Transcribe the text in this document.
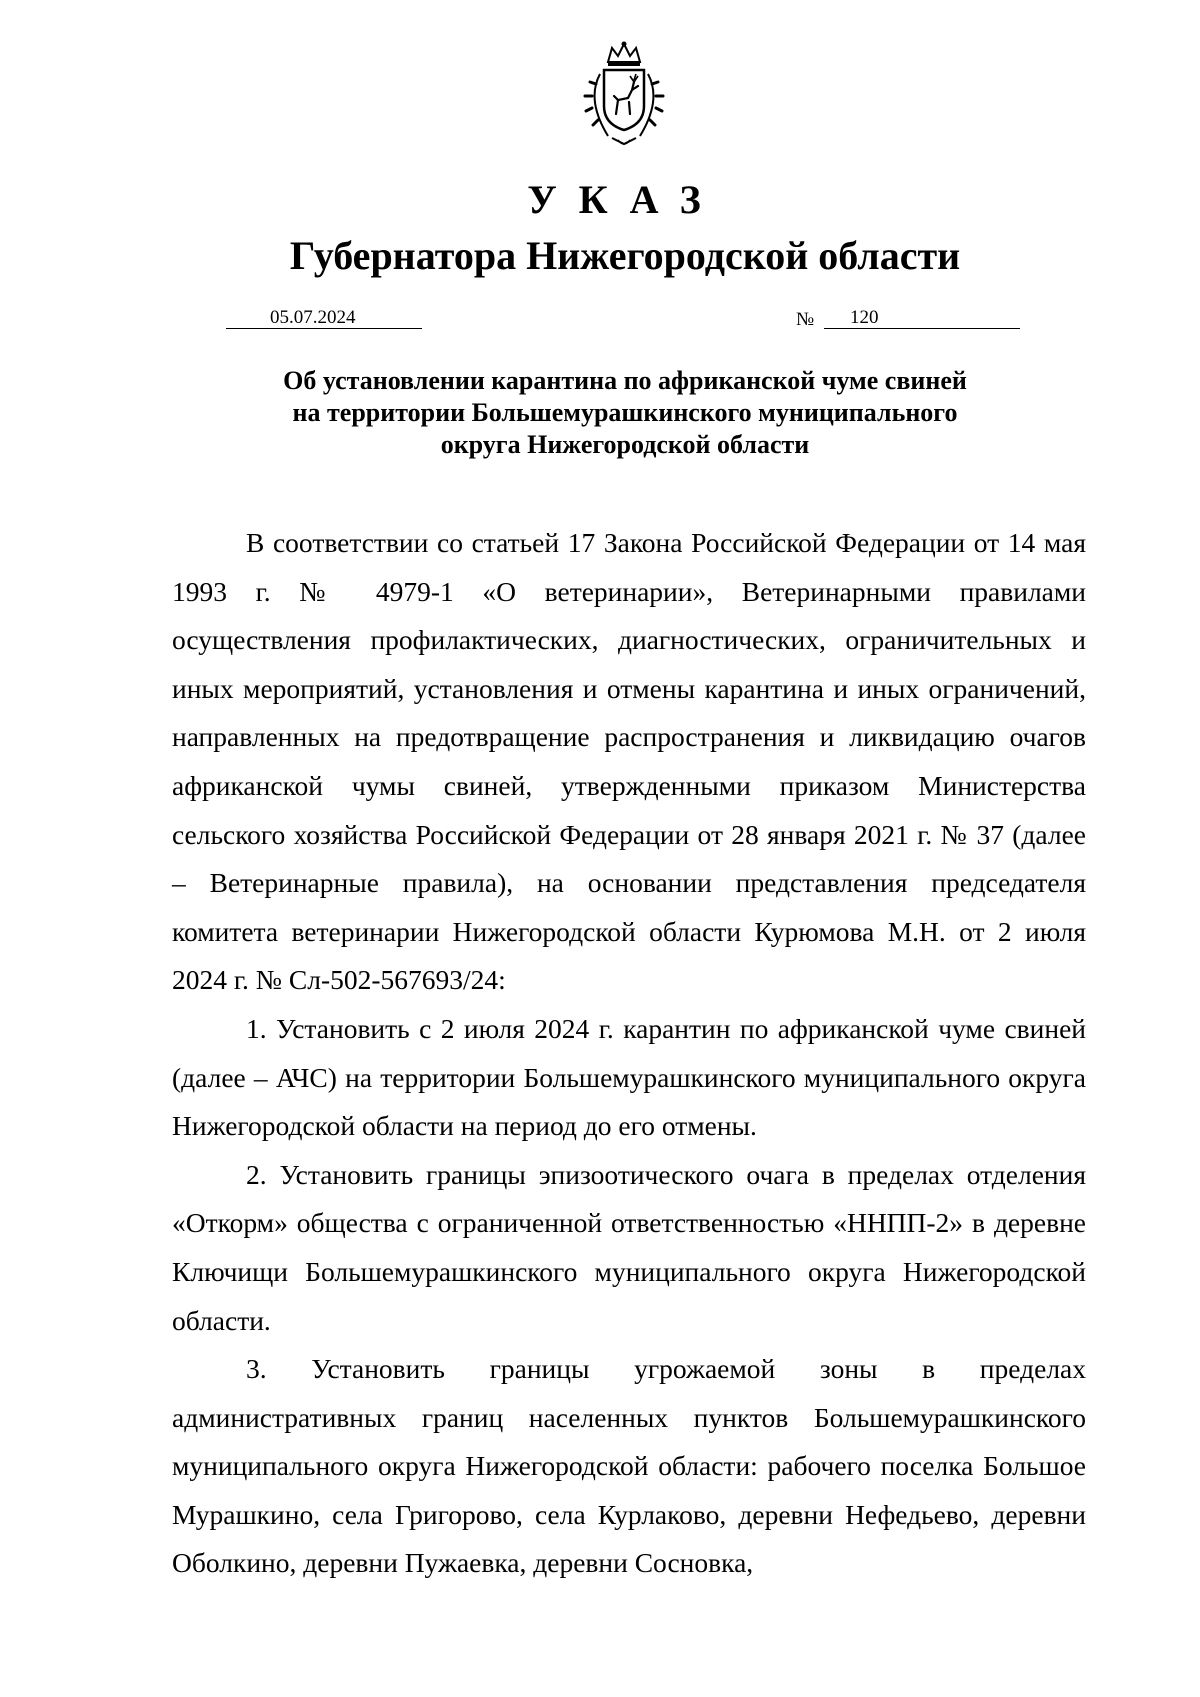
УКАЗ
Губернатора Нижегородской области
05.07.2024	№	120
Об установлении карантина по африканской чуме свиней
на территории Большемурашкинского муниципального
округа Нижегородской области

В соответствии со статьей 17 Закона Российской Федерации от 14 мая 1993 г. № 4979-1 «О ветеринарии», Ветеринарными правилами осуществления профилактических, диагностических, ограничительных и иных мероприятий, установления и отмены карантина и иных ограничений, направленных на предотвращение распространения и ликвидацию очагов африканской чумы свиней, утвержденными приказом Министерства сельского хозяйства Российской Федерации от 28 января 2021 г. № 37 (далее – Ветеринарные правила), на основании представления председателя комитета ветеринарии Нижегородской области Курюмова М.Н. от 2 июля 2024 г. № Сл-502-567693/24:

1. Установить с 2 июля 2024 г. карантин по африканской чуме свиней (далее – АЧС) на территории Большемурашкинского муниципального округа Нижегородской области на период до его отмены.

2. Установить границы эпизоотического очага в пределах отделения «Откорм» общества с ограниченной ответственностью «ННПП-2» в деревне Ключищи Большемурашкинского муниципального округа Нижегородской области.

3. Установить границы угрожаемой зоны в пределах административных границ населенных пунктов Большемурашкинского муниципального округа Нижегородской области: рабочего поселка Большое Мурашкино, села Григорово, села Курлаково, деревни Нефедьево, деревни Оболкино, деревни Пужаевка, деревни Сосновка,
